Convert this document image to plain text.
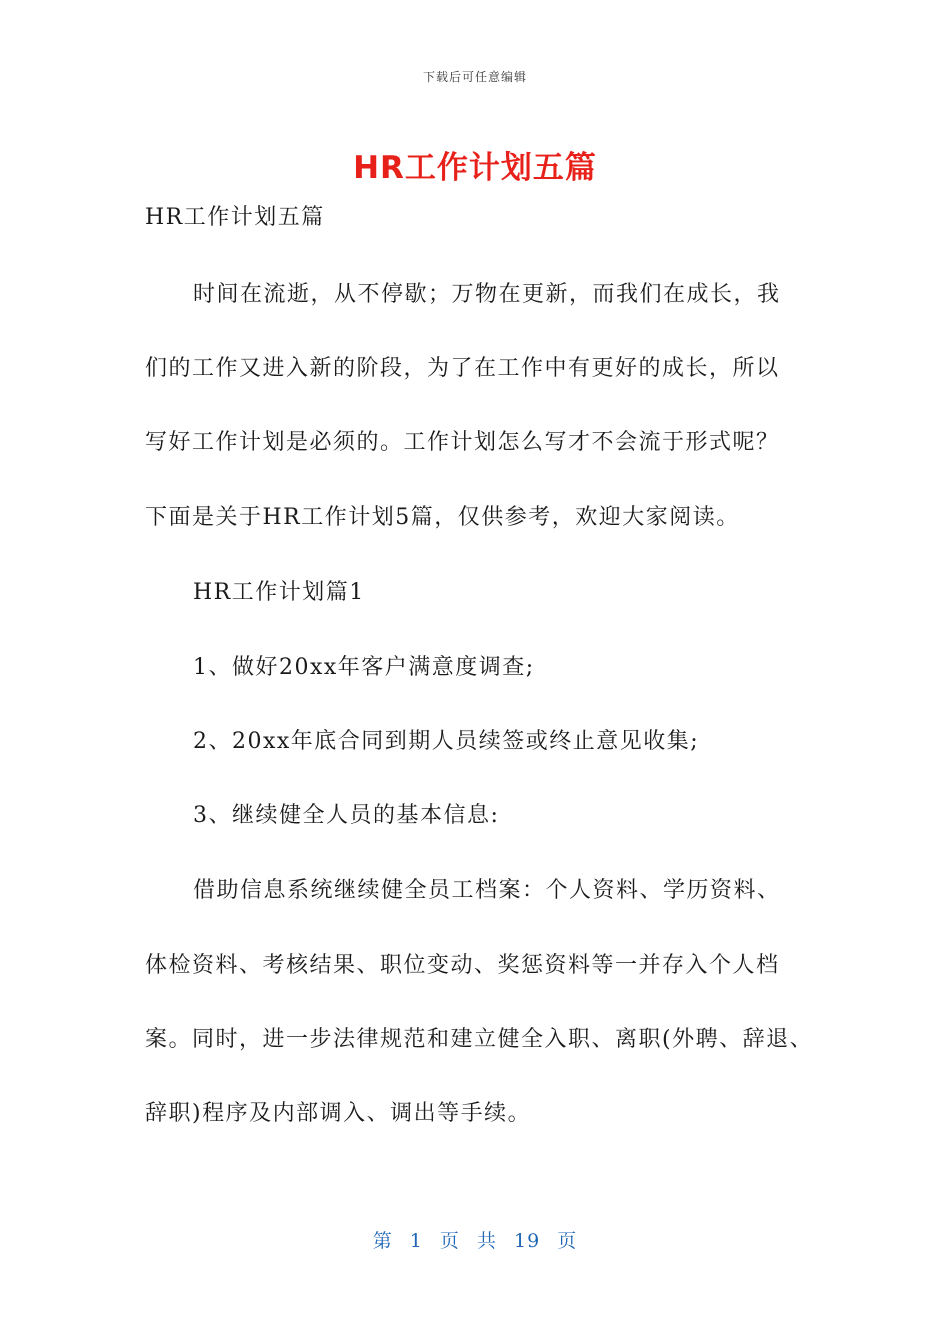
下载后可任意编辑
HR工作计划五篇
HR工作计划五篇
时间在流逝，从不停歇；万物在更新，而我们在成长，我
们的工作又进入新的阶段，为了在工作中有更好的成长，所以
写好工作计划是必须的。工作计划怎么写才不会流于形式呢？
下面是关于HR工作计划5篇，仅供参考，欢迎大家阅读。
HR工作计划篇1
1、做好20xx年客户满意度调查;
2、20xx年底合同到期人员续签或终止意见收集;
3、继续健全人员的基本信息:
借助信息系统继续健全员工档案：个人资料、学历资料、
体检资料、考核结果、职位变动、奖惩资料等一并存入个人档
案。同时，进一步法律规范和建立健全入职、离职(外聘、辞退、
辞职)程序及内部调入、调出等手续。
第 1 页 共 19 页
